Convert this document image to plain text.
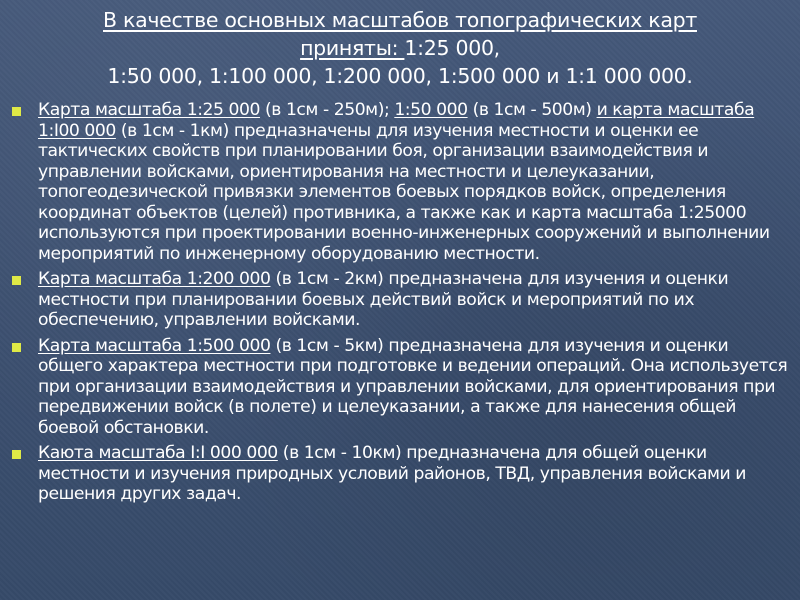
В качестве основных масштабов топографических карт
приняты: 1:25 000,
1:50 000, 1:100 000, 1:200 000, 1:500 000 и 1:1 000 000.
Карта масштаба 1:25 000 (в 1см - 250м); 1:50 000 (в 1см - 500м) и карта масштаба 1:I00 000 (в 1см - 1км) предназначены для изучения местности и оценки ее тактических свойств при планировании боя, организации взаимодействия и управлении войсками, ориентирования на местности и целеуказании, топогеодезической привязки элементов боевых порядков войск, определения координат объектов (целей) противника, а также как и карта масштаба 1:25000 используются при проектировании военно-инженерных сооружений и выполнении мероприятий по инженерному оборудованию местности.
Карта масштаба 1:200 000 (в 1см - 2км) предназначена для изучения и оценки местности при планировании боевых действий войск и мероприятий по их обеспечению, управлении войсками.
Карта масштаба 1:500 000 (в 1см - 5км) предназначена для изучения и оценки общего характера местности при подготовке и ведении операций. Она используется при организации взаимодействия и управлении войсками, для ориентирования при передвижении войск (в полете) и целеуказании, а также для нанесения общей боевой обстановки.
Каюта масштаба I:I 000 000 (в 1см - 10км) предназначена для общей оценки местности и изучения природных условий районов, ТВД, управления войсками и решения других задач.
